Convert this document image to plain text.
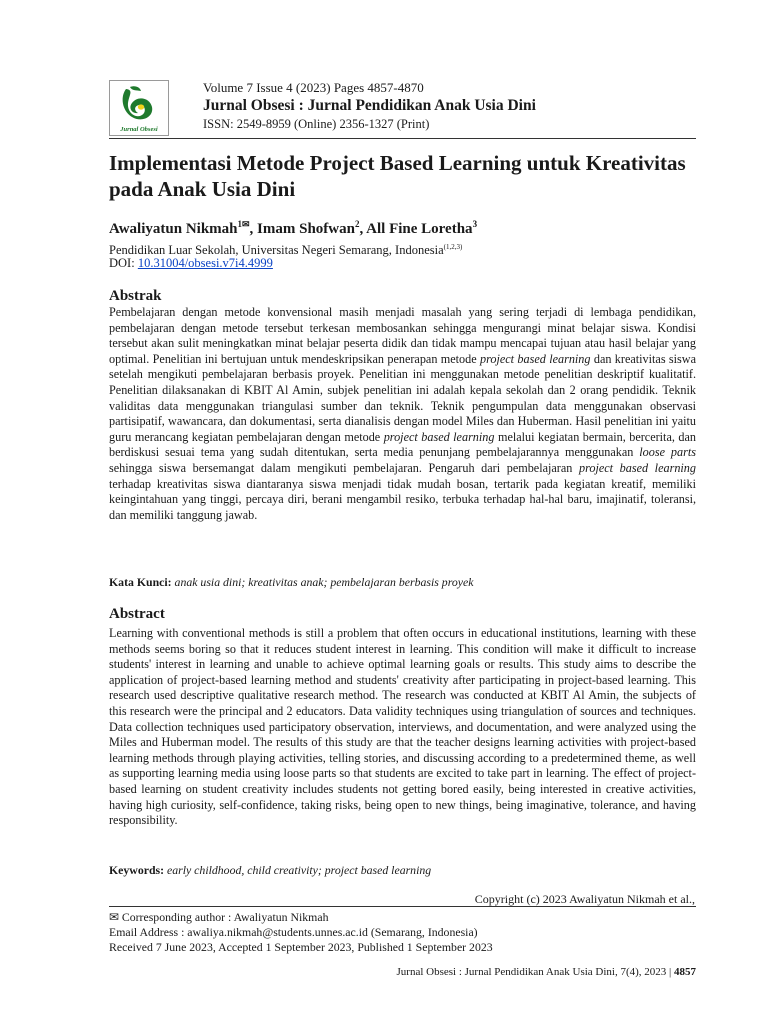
Jurnal Obsesi
Volume 7 Issue 4 (2023) Pages 4857-4870
Jurnal Obsesi : Jurnal Pendidikan Anak Usia Dini
ISSN: 2549-8959 (Online) 2356-1327 (Print)
Implementasi Metode Project Based Learning untuk Kreativitas pada Anak Usia Dini
Awaliyatun Nikmah$^{1✉}$, Imam Shofwan$^2$, All Fine Loretha$^3$
Pendidikan Luar Sekolah, Universitas Negeri Semarang, Indonesia$^{(1,2,3)}$
DOI: 10.31004/obsesi.v7i4.4999
Abstrak

Pembelajaran dengan metode konvensional masih menjadi masalah yang sering terjadi di lembaga pendidikan, pembelajaran dengan metode tersebut terkesan membosankan sehingga mengurangi minat belajar siswa. Kondisi tersebut akan sulit meningkatkan minat belajar peserta didik dan tidak mampu mencapai tujuan atau hasil belajar yang optimal. Penelitian ini bertujuan untuk mendeskripsikan penerapan metode project based learning dan kreativitas siswa setelah mengikuti pembelajaran berbasis proyek. Penelitian ini menggunakan metode penelitian deskriptif kualitatif. Penelitian dilaksanakan di KBIT Al Amin, subjek penelitian ini adalah kepala sekolah dan 2 orang pendidik. Teknik validitas data menggunakan triangulasi sumber dan teknik. Teknik pengumpulan data menggunakan observasi partisipatif, wawancara, dan dokumentasi, serta dianalisis dengan model Miles dan Huberman. Hasil penelitian ini yaitu guru merancang kegiatan pembelajaran dengan metode project based learning melalui kegiatan bermain, bercerita, dan berdiskusi sesuai tema yang sudah ditentukan, serta media penunjang pembelajarannya menggunakan loose parts sehingga siswa bersemangat dalam mengikuti pembelajaran. Pengaruh dari pembelajaran project based learning terhadap kreativitas siswa diantaranya siswa menjadi tidak mudah bosan, tertarik pada kegiatan kreatif, memiliki keingintahuan yang tinggi, percaya diri, berani mengambil resiko, terbuka terhadap hal-hal baru, imajinatif, toleransi, dan memiliki tanggung jawab.

Kata Kunci: anak usia dini; kreativitas anak; pembelajaran berbasis proyek

Abstract

Learning with conventional methods is still a problem that often occurs in educational institutions, learning with these methods seems boring so that it reduces student interest in learning. This condition will make it difficult to increase students' interest in learning and unable to achieve optimal learning goals or results. This study aims to describe the application of project-based learning method and students' creativity after participating in project-based learning. This research used descriptive qualitative research method. The research was conducted at KBIT Al Amin, the subjects of this research were the principal and 2 educators. Data validity techniques using triangulation of sources and techniques. Data collection techniques used participatory observation, interviews, and documentation, and were analyzed using the Miles and Huberman model. The results of this study are that the teacher designs learning activities with project-based learning methods through playing activities, telling stories, and discussing according to a predetermined theme, as well as supporting learning media using loose parts so that students are excited to take part in learning. The effect of project-based learning on student creativity includes students not getting bored easily, being interested in creative activities, having high curiosity, self-confidence, taking risks, being open to new things, being imaginative, tolerance, and having responsibility.

Keywords: early childhood, child creativity; project based learning

Copyright (c) 2023 Awaliyatun Nikmah et al.,
✉ Corresponding author : Awaliyatun Nikmah
Email Address : awaliya.nikmah@students.unnes.ac.id (Semarang, Indonesia)
Received 7 June 2023, Accepted 1 September 2023, Published 1 September 2023
Jurnal Obsesi : Jurnal Pendidikan Anak Usia Dini, 7(4), 2023 | 4857
